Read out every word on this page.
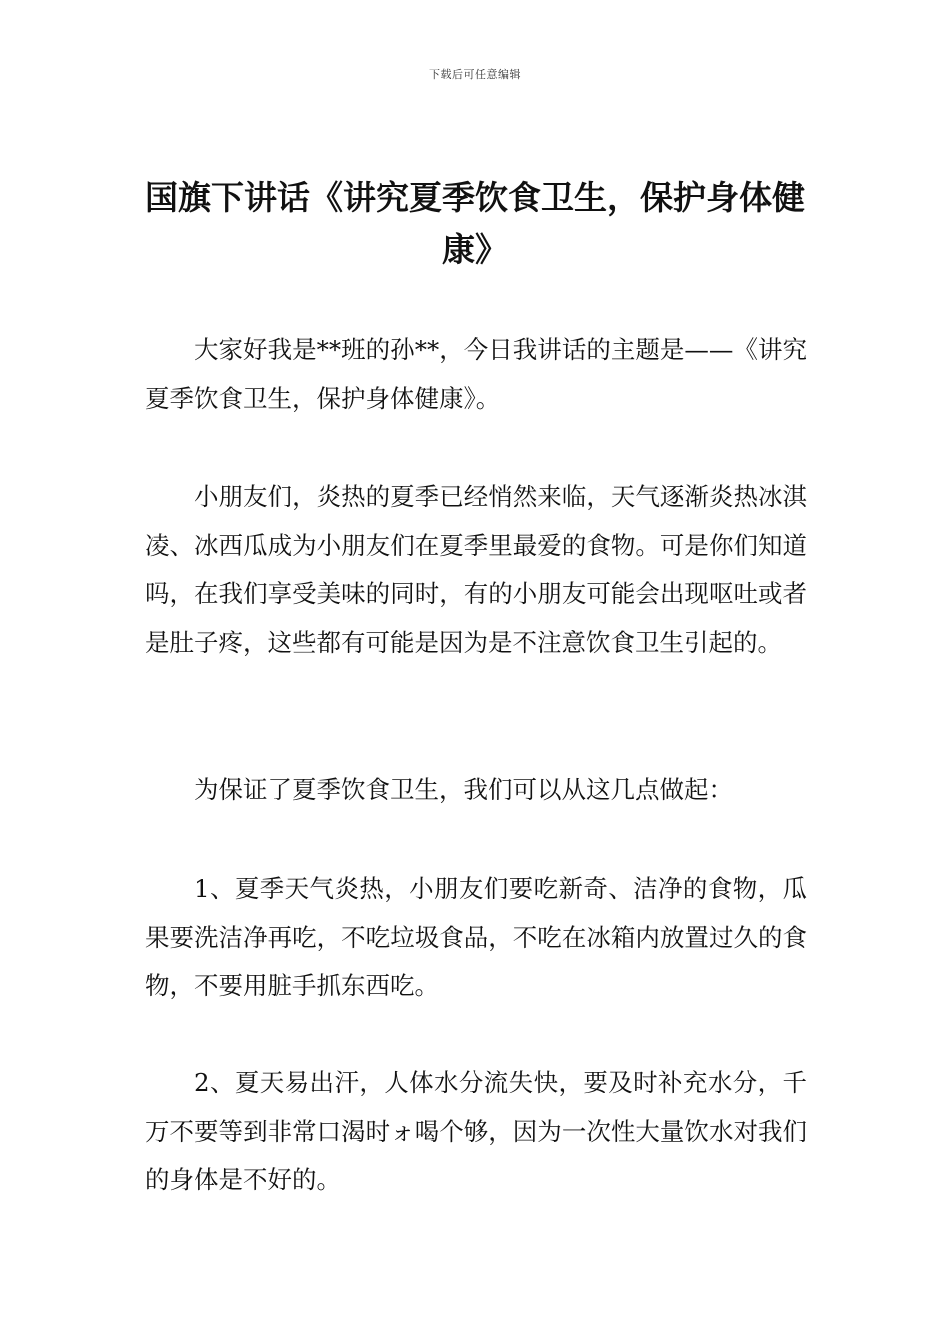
下载后可任意编辑
国旗下讲话《讲究夏季饮食卫生，保护身体健康》

大家好我是**班的孙**，今日我讲话的主题是——《讲究夏季饮食卫生，保护身体健康》。

小朋友们，炎热的夏季已经悄然来临，天气逐渐炎热冰淇凌、冰西瓜成为小朋友们在夏季里最爱的食物。可是你们知道吗，在我们享受美味的同时，有的小朋友可能会出现呕吐或者是肚子疼，这些都有可能是因为是不注意饮食卫生引起的。

为保证了夏季饮食卫生，我们可以从这几点做起：

1、夏季天气炎热，小朋友们要吃新奇、洁净的食物，瓜果要洗洁净再吃，不吃垃圾食品，不吃在冰箱内放置过久的食物，不要用脏手抓东西吃。

2、夏天易出汗，人体水分流失快，要及时补充水分，千万不要等到非常口渴时ォ喝个够，因为一次性大量饮水对我们的身体是不好的。
